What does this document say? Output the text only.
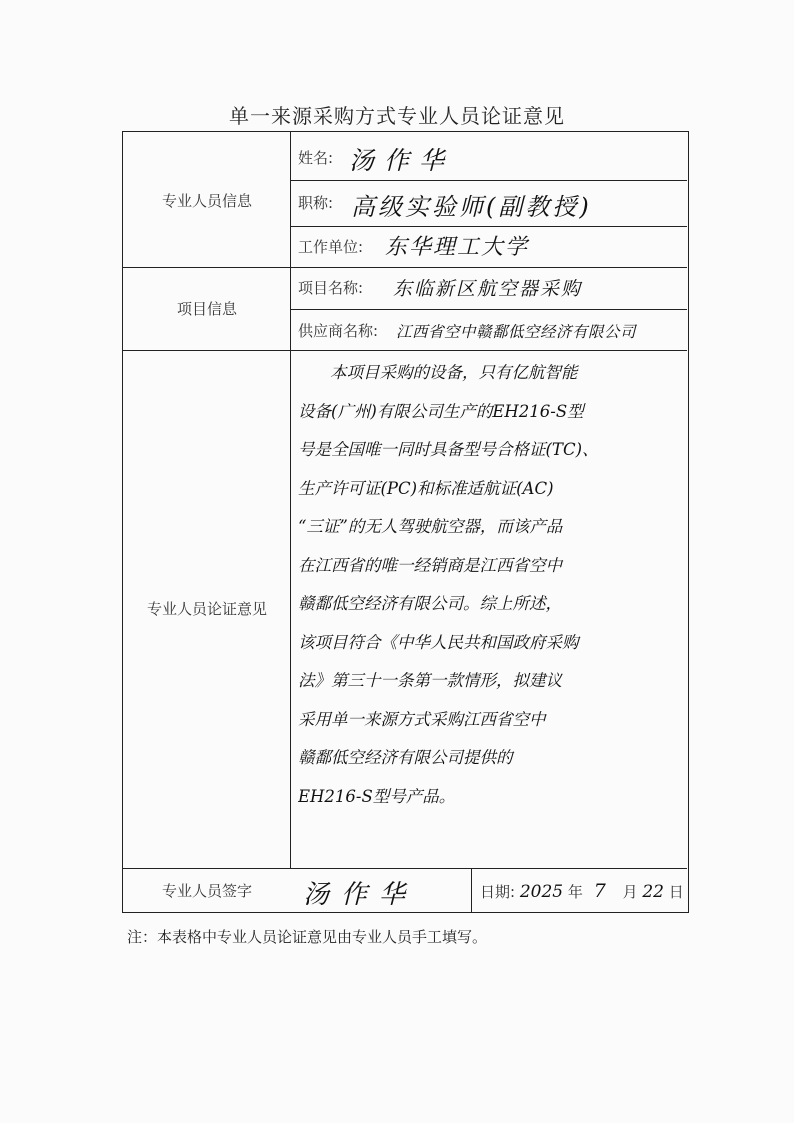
单一来源采购方式专业人员论证意见
专业人员信息
姓名: 汤作华
职称: 高级实验师(副教授)
工作单位: 东华理工大学
项目信息
项目名称: 东临新区航空器采购
供应商名称: 江西省空中赣鄱低空经济有限公司
专业人员论证意见
本项目采购的设备，只有亿航智能
设备(广州)有限公司生产的EH216-S型
号是全国唯一同时具备型号合格证(TC)、
生产许可证(PC)和标准适航证(AC)
“三证”的无人驾驶航空器，而该产品
在江西省的唯一经销商是江西省空中
赣鄱低空经济有限公司。综上所述，
该项目符合《中华人民共和国政府采购
法》第三十一条第一款情形，拟建议
采用单一来源方式采购江西省空中
赣鄱低空经济有限公司提供的
EH216-S型号产品。
专业人员签字	汤作华	日期: 2025 年 7 月 22 日
注：本表格中专业人员论证意见由专业人员手工填写。
